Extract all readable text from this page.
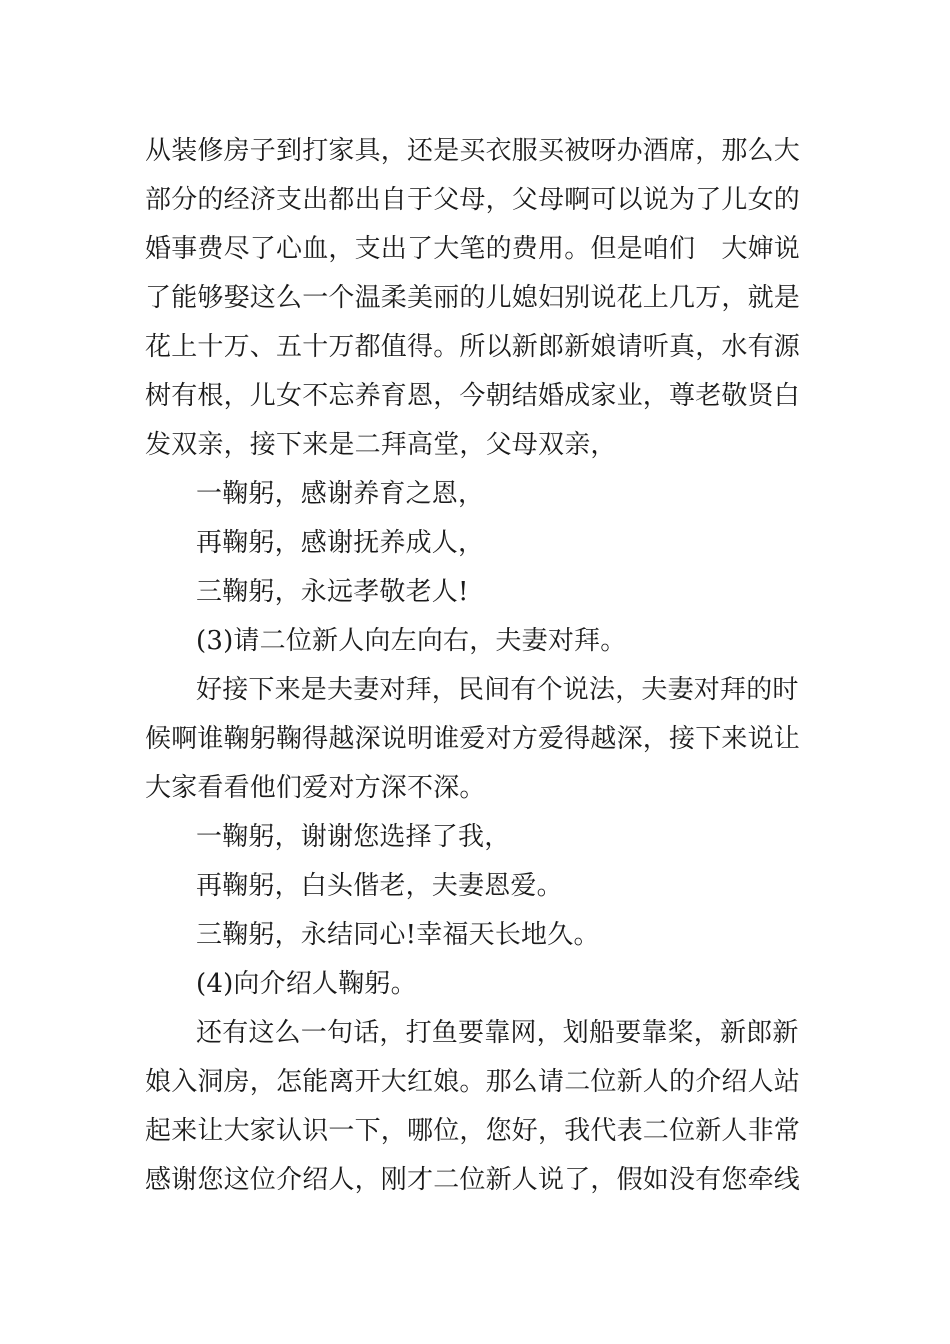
从装修房子到打家具，还是买衣服买被呀办酒席，那么大
部分的经济支出都出自于父母，父母啊可以说为了儿女的
婚事费尽了心血，支出了大笔的费用。但是咱们　大婶说
了能够娶这么一个温柔美丽的儿媳妇别说花上几万，就是
花上十万、五十万都值得。所以新郎新娘请听真，水有源
树有根，儿女不忘养育恩，今朝结婚成家业，尊老敬贤白
发双亲，接下来是二拜高堂，父母双亲，
一鞠躬，感谢养育之恩，
再鞠躬，感谢抚养成人，
三鞠躬，永远孝敬老人!
(3)请二位新人向左向右，夫妻对拜。
好接下来是夫妻对拜，民间有个说法，夫妻对拜的时
候啊谁鞠躬鞠得越深说明谁爱对方爱得越深，接下来说让
大家看看他们爱对方深不深。
一鞠躬，谢谢您选择了我，
再鞠躬，白头偕老，夫妻恩爱。
三鞠躬，永结同心!幸福天长地久。
(4)向介绍人鞠躬。
还有这么一句话，打鱼要靠网，划船要靠桨，新郎新
娘入洞房，怎能离开大红娘。那么请二位新人的介绍人站
起来让大家认识一下，哪位，您好，我代表二位新人非常
感谢您这位介绍人，刚才二位新人说了，假如没有您牵线
